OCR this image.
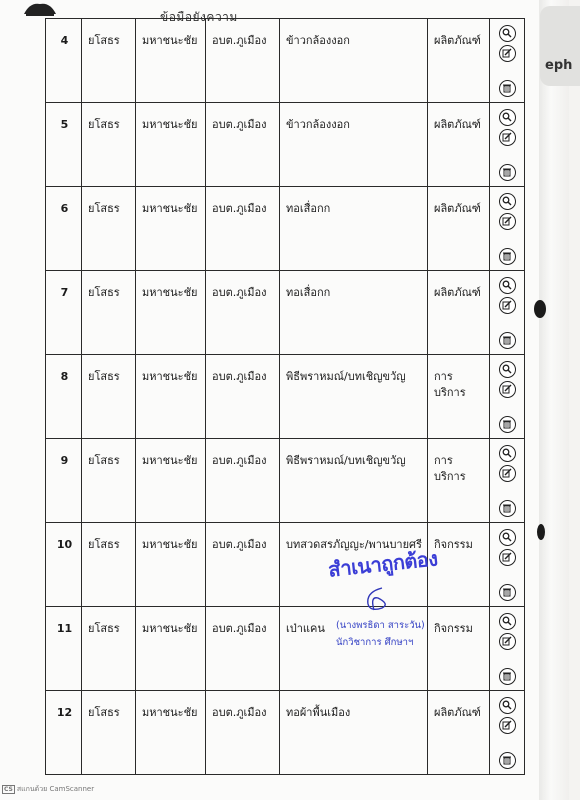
ข้อมือยังความ
eph
4	ยโสธร	มหาชนะชัย	อบต.ภูเมือง	ข้าวกล้องงอก	ผลิตภัณฑ์	

5	ยโสธร	มหาชนะชัย	อบต.ภูเมือง	ข้าวกล้องงอก	ผลิตภัณฑ์	

6	ยโสธร	มหาชนะชัย	อบต.ภูเมือง	ทอเสื่อกก	ผลิตภัณฑ์	

7	ยโสธร	มหาชนะชัย	อบต.ภูเมือง	ทอเสื่อกก	ผลิตภัณฑ์	

8	ยโสธร	มหาชนะชัย	อบต.ภูเมือง	พิธีพราหมณ์/บทเชิญขวัญ	การ บริการ	

9	ยโสธร	มหาชนะชัย	อบต.ภูเมือง	พิธีพราหมณ์/บทเชิญขวัญ	การ บริการ	

10	ยโสธร	มหาชนะชัย	อบต.ภูเมือง	บทสวดสรภัญญะ/พานบายศรี	กิจกรรม	

11	ยโสธร	มหาชนะชัย	อบต.ภูเมือง	เป่าแคน	กิจกรรม	

12	ยโสธร	มหาชนะชัย	อบต.ภูเมือง	ทอผ้าพื้นเมือง	ผลิตภัณฑ์	
สำเนาถูกต้อง
(นางพรธิดา สาระวัน)
นักวิชาการ ศึกษาฯ
CS สแกนด้วย CamScanner
